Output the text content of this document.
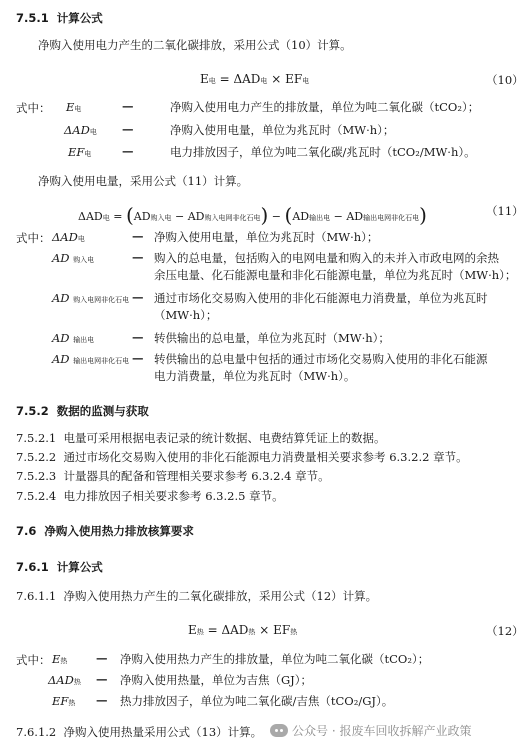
7.5.1 计算公式
净购入使用电力产生的二氧化碳排放，采用公式（10）计算。
E电 = ΔAD电 × EF电	（10）
式中： E电	—	净购入使用电力产生的排放量，单位为吨二氧化碳（tCO₂）；
ΔAD电 —	净购入使用电量，单位为兆瓦时（MW·h）；
EF电	—	电力排放因子，单位为吨二氧化碳/兆瓦时（tCO₂/MW·h）。
净购入使用电量，采用公式（11）计算。
ΔAD电 = (AD购入电 − AD购入电网非化石电) − (AD输出电 − AD输出电网非化石电)	（11）
式中： ΔAD电	— 净购入使用电量，单位为兆瓦时（MW·h）；
AD 购入电	— 购入的总电量，包括购入的电网电量和购入的未并入市政电网的余热
余压电量、化石能源电量和非化石能源电量，单位为兆瓦时（MW·h）；
AD 购入电网非化石电 — 通过市场化交易购入使用的非化石能源电力消费量，单位为兆瓦时
（MW·h）；
AD 输出电	— 转供输出的总电量，单位为兆瓦时（MW·h）；
AD 输出电网非化石电 — 转供输出的总电量中包括的通过市场化交易购入使用的非化石能源
电力消费量，单位为兆瓦时（MW·h）。
7.5.2 数据的监测与获取
7.5.2.1 电量可采用根据电表记录的统计数据、电费结算凭证上的数据。
7.5.2.2 通过市场化交易购入使用的非化石能源电力消费量相关要求参考 6.3.2.2 章节。
7.5.2.3 计量器具的配备和管理相关要求参考 6.3.2.4 章节。
7.5.2.4 电力排放因子相关要求参考 6.3.2.5 章节。
7.6 净购入使用热力排放核算要求
7.6.1 计算公式
7.6.1.1 净购入使用热力产生的二氧化碳排放，采用公式（12）计算。
E热 = ΔAD热 × EF热	（12）
式中： E热 — 净购入使用热力产生的排放量，单位为吨二氧化碳（tCO₂）；
ΔAD热 — 净购入使用热量，单位为吉焦（GJ）；
EF热 — 热力排放因子，单位为吨二氧化碳/吉焦（tCO₂/GJ）。
7.6.1.2 净购入使用热量采用公式（13）计算。	公众号 · 报废车回收拆解产业政策
